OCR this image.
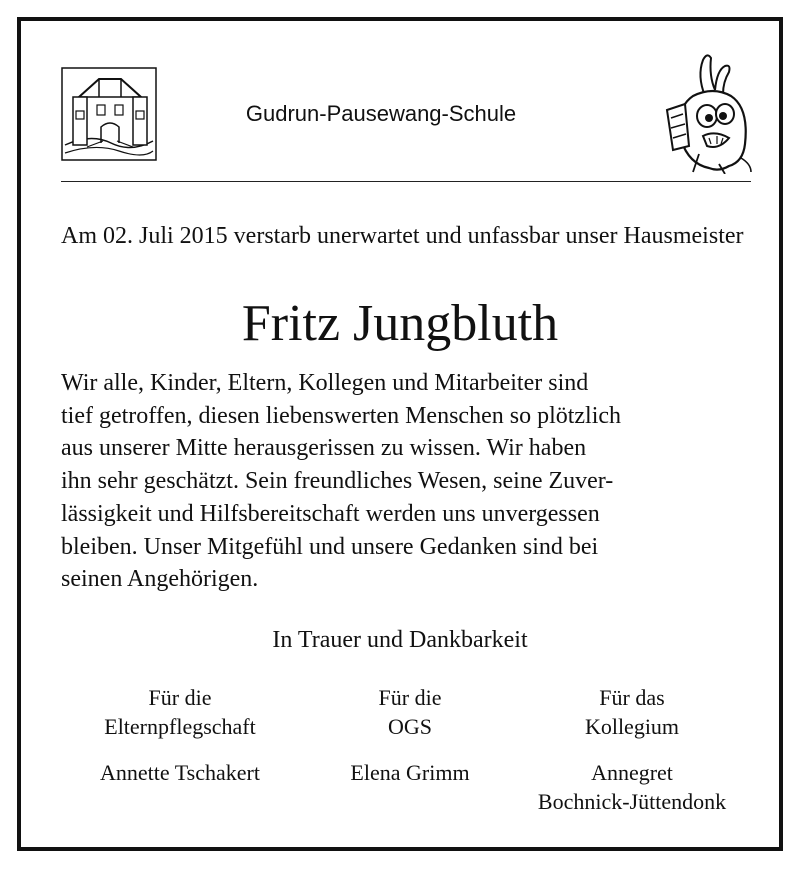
Gudrun-Pausewang-Schule
Am 02. Juli 2015 verstarb unerwartet und unfassbar unser Hausmeister
Fritz Jungbluth
Wir alle, Kinder, Eltern, Kollegen und Mitarbeiter sind
tief getroffen, diesen liebenswerten Menschen so plötzlich
aus unserer Mitte herausgerissen zu wissen. Wir haben
ihn sehr geschätzt. Sein freundliches Wesen, seine Zuver-
lässigkeit und Hilfsbereitschaft werden uns unvergessen
bleiben. Unser Mitgefühl und unsere Gedanken sind bei
seinen Angehörigen.
In Trauer und Dankbarkeit
Für die
Elternpflegschaft
Annette Tschakert
Für die
OGS
Elena Grimm
Für das
Kollegium
Annegret
Bochnick-Jüttendonk
